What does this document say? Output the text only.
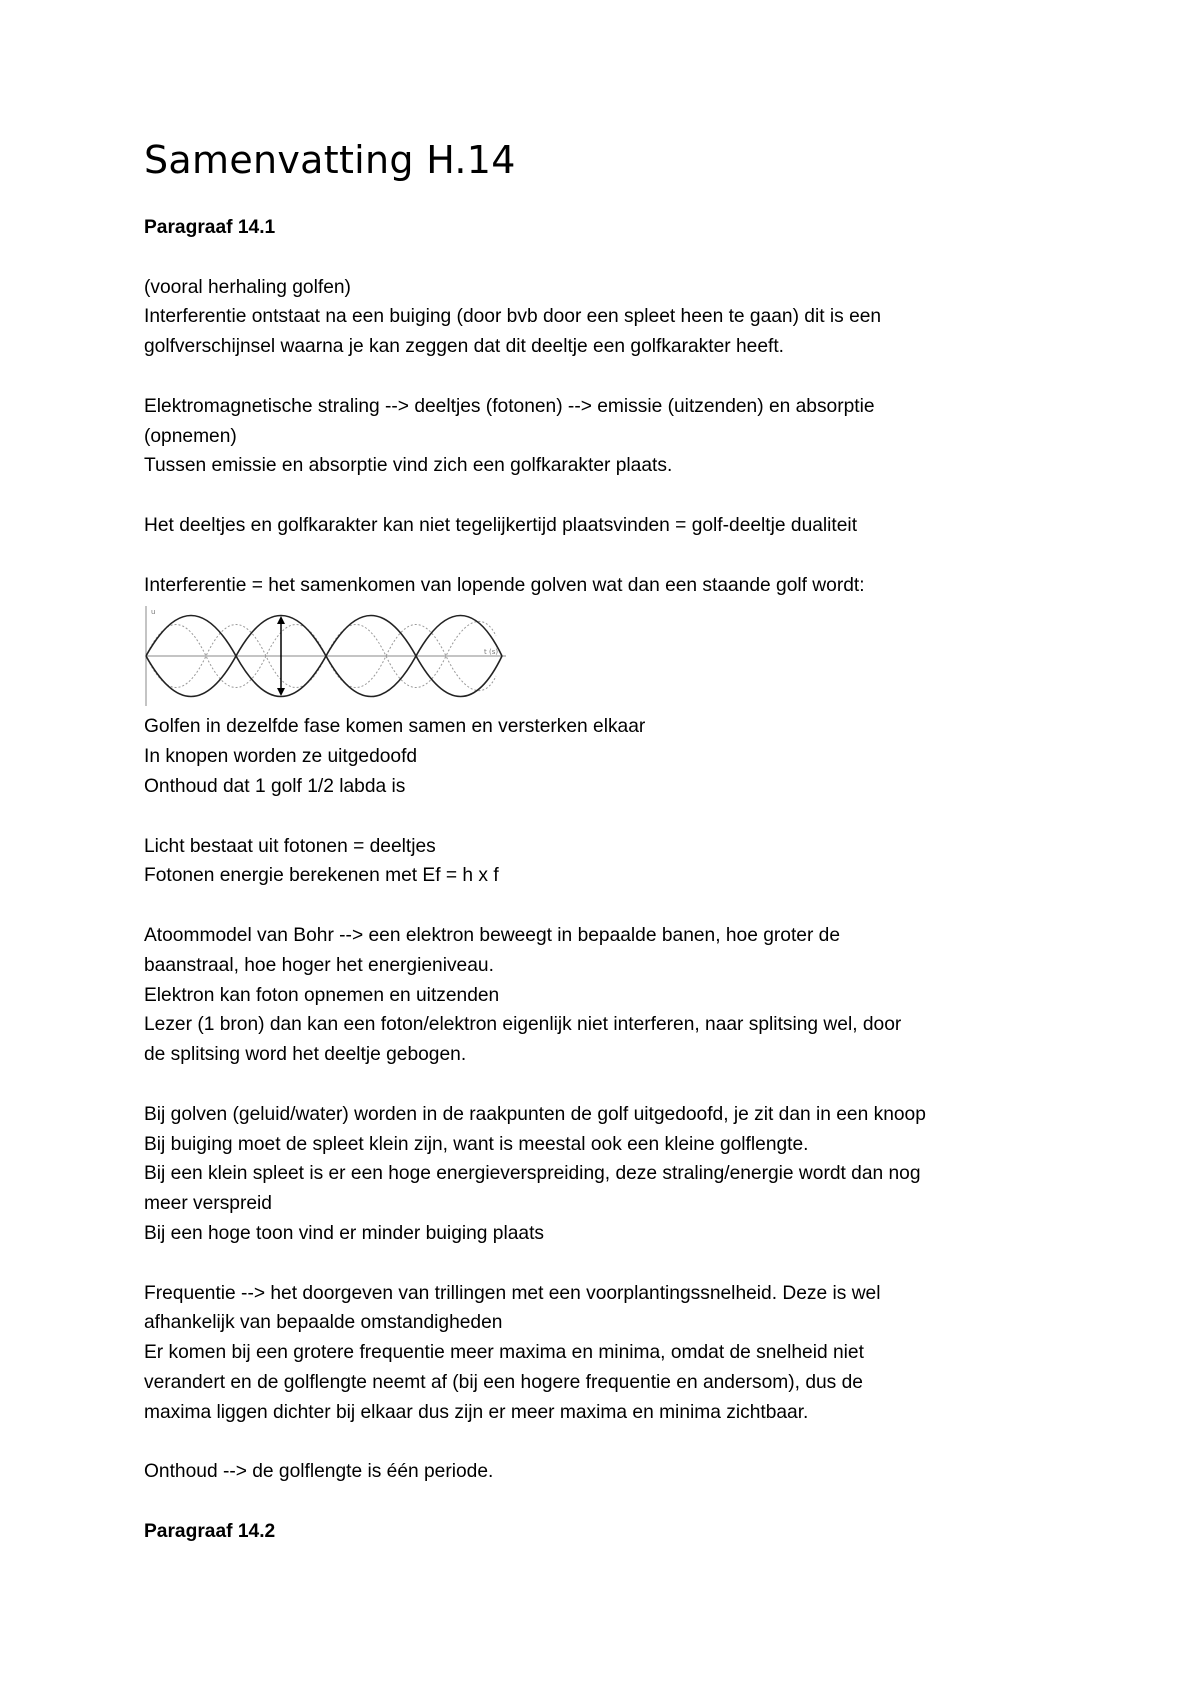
Samenvatting H.14

Paragraaf 14.1

(vooral herhaling golfen)

Interferentie ontstaat na een buiging (door bvb door een spleet heen te gaan) dit is een

golfverschijnsel waarna je kan zeggen dat dit deeltje een golfkarakter heeft.

Elektromagnetische straling --> deeltjes (fotonen) --> emissie (uitzenden) en absorptie

(opnemen)

Tussen emissie en absorptie vind zich een golfkarakter plaats.

Het deeltjes en golfkarakter kan niet tegelijkertijd plaatsvinden = golf-deeltje dualiteit

Interferentie = het samenkomen van lopende golven wat dan een staande golf wordt:

u
t (s)

Golfen in dezelfde fase komen samen en versterken elkaar

In knopen worden ze uitgedoofd

Onthoud dat 1 golf 1/2 labda is

Licht bestaat uit fotonen = deeltjes

Fotonen energie berekenen met Ef = h x f

Atoommodel van Bohr --> een elektron beweegt in bepaalde banen, hoe groter de

baanstraal, hoe hoger het energieniveau.

Elektron kan foton opnemen en uitzenden

Lezer (1 bron) dan kan een foton/elektron eigenlijk niet interferen, naar splitsing wel, door

de splitsing word het deeltje gebogen.

Bij golven (geluid/water) worden in de raakpunten de golf uitgedoofd, je zit dan in een knoop

Bij buiging moet de spleet klein zijn, want is meestal ook een kleine golflengte.

Bij een klein spleet is er een hoge energieverspreiding, deze straling/energie wordt dan nog

meer verspreid

Bij een hoge toon vind er minder buiging plaats

Frequentie --> het doorgeven van trillingen met een voorplantingssnelheid. Deze is wel

afhankelijk van bepaalde omstandigheden

Er komen bij een grotere frequentie meer maxima en minima, omdat de snelheid niet

verandert en de golflengte neemt af (bij een hogere frequentie en andersom), dus de

maxima liggen dichter bij elkaar dus zijn er meer maxima en minima zichtbaar.

Onthoud --> de golflengte is één periode.

Paragraaf 14.2
